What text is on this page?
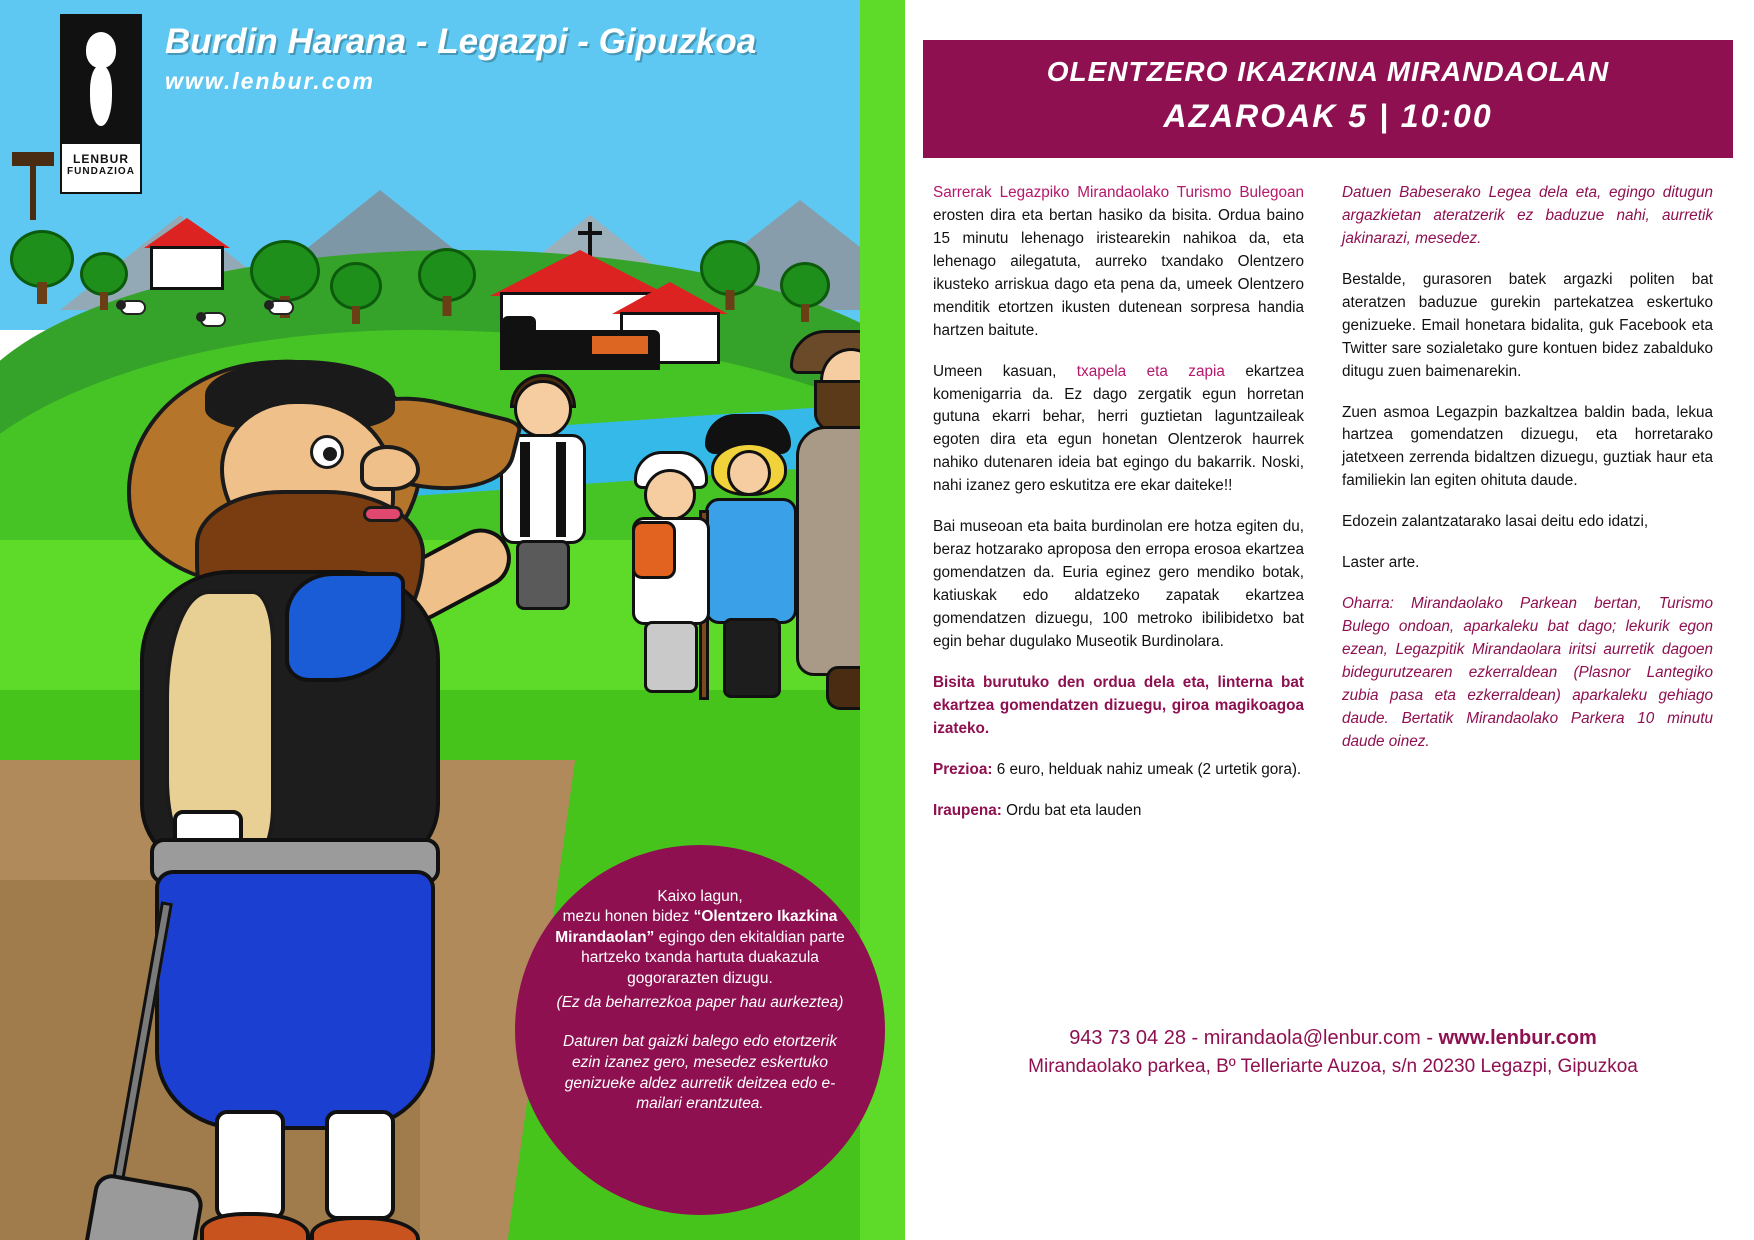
LENBUR
FUNDAZIOA
Burdin Harana - Legazpi - Gipuzkoa
www.lenbur.com
Kaixo lagun,
mezu honen bidez “Olentzero Ikazkina Mirandaolan” egingo den ekitaldian parte hartzeko txanda hartuta duakazula gogorarazten dizugu.
(Ez da beharrezkoa paper hau aurkeztea)
Daturen bat gaizki balego edo etortzerik ezin izanez gero, mesedez eskertuko genizueke aldez aurretik deitzea edo e-mailari erantzutea.
OLENTZERO IKAZKINA MIRANDAOLAN
AZAROAK 5 | 10:00

Sarrerak Legazpiko Mirandaolako Turismo Bulegoan erosten dira eta bertan hasiko da bisita. Ordua baino 15 minutu lehenago iristearekin nahikoa da, eta lehenago ailegatuta, aurreko txandako Olentzero ikusteko arriskua dago eta pena da, umeek Olentzero menditik etortzen ikusten dutenean sorpresa handia hartzen baitute.

Umeen kasuan, txapela eta zapia ekartzea komenigarria da. Ez dago zergatik egun horretan gutuna ekarri behar, herri guztietan laguntzaileak egoten dira eta egun honetan Olentzerok haurrek nahiko dutenaren ideia bat egingo du bakarrik. Noski, nahi izanez gero eskutitza ere ekar daiteke!!

Bai museoan eta baita burdinolan ere hotza egiten du, beraz hotzarako aproposa den erropa erosoa ekartzea gomendatzen da. Euria eginez gero mendiko botak, katiuskak edo aldatzeko zapatak ekartzea gomendatzen dizuegu, 100 metroko ibilibidetxo bat egin behar dugulako Museotik Burdinolara.

Bisita burutuko den ordua dela eta, linterna bat ekartzea gomendatzen dizuegu, giroa magikoagoa izateko.

Prezioa: 6 euro, helduak nahiz umeak (2 urtetik gora).

Iraupena: Ordu bat eta lauden

Datuen Babeserako Legea dela eta, egingo ditugun argazkietan ateratzerik ez baduzue nahi, aurretik jakinarazi, mesedez.

Bestalde, gurasoren batek argazki politen bat ateratzen baduzue gurekin partekatzea eskertuko genizueke. Email honetara bidalita, guk Facebook eta Twitter sare sozialetako gure kontuen bidez zabalduko ditugu zuen baimenarekin.

Zuen asmoa Legazpin bazkaltzea baldin bada, lekua hartzea gomendatzen dizuegu, eta horretarako jatetxeen zerrenda bidaltzen dizuegu, guztiak haur eta familiekin lan egiten ohituta daude.

Edozein zalantzatarako lasai deitu edo idatzi,

Laster arte.

Oharra: Mirandaolako Parkean bertan, Turismo Bulego ondoan, aparkaleku bat dago; lekurik egon ezean, Legazpitik Mirandaolara iritsi aurretik dagoen bidegurutzearen ezkerraldean (Plasnor Lantegiko zubia pasa eta ezkerraldean) aparkaleku gehiago daude. Bertatik Mirandaolako Parkera 10 minutu daude oinez.

943 73 04 28 - mirandaola@lenbur.com - www.lenbur.com
Mirandaolako parkea, Bº Telleriarte Auzoa, s/n 20230 Legazpi, Gipuzkoa
